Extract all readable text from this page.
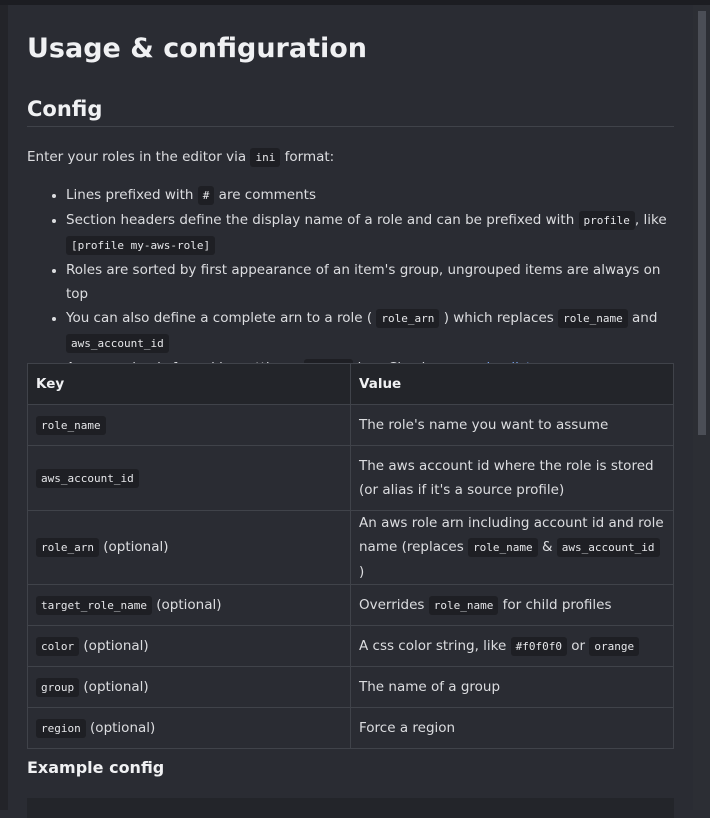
Usage & configuration
Config
Enter your roles in the editor via ini format:
• Lines prefixed with # are comments
• Section headers define the display name of a role and can be prefixed with profile , like [profile my-aws-role]
• Roles are sorted by first appearance of an item's group, ungrouped items are always on top
• You can also define a complete arn to a role ( role_arn ) which replaces role_name and aws_account_id
•
Key	Value
role_name	The role's name you want to assume
aws_account_id	The aws account id where the role is stored (or alias if it's a source profile)
role_arn (optional)	An aws role arn including account id and role name (replaces role_name & aws_account_id )
target_role_name (optional)	Overrides role_name for child profiles
color (optional)	A css color string, like #f0f0f0 or orange
group (optional)	The name of a group
region (optional)	Force a region
Example config
